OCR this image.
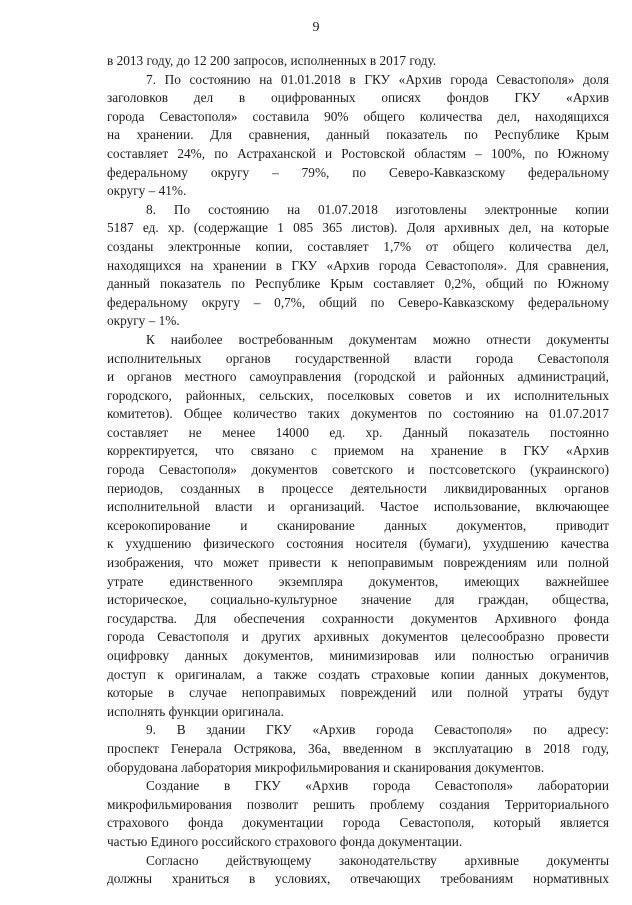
9

в 2013 году, до 12 200 запросов, исполненных в 2017 году.

7. По состоянию на 01.01.2018 в ГКУ «Архив города Севастополя» доля

заголовков дел в оцифрованных описях фондов ГКУ «Архив

города Севастополя» составила 90% общего количества дел, находящихся

на хранении. Для сравнения, данный показатель по Республике Крым

составляет 24%, по Астраханской и Ростовской областям – 100%, по Южному

федеральному округу – 79%, по Северо-Кавказскому федеральному

округу – 41%.

8. По состоянию на 01.07.2018 изготовлены электронные копии

5187 ед. хр. (содержащие 1 085 365 листов). Доля архивных дел, на которые

созданы электронные копии, составляет 1,7% от общего количества дел,

находящихся на хранении в ГКУ «Архив города Севастополя». Для сравнения,

данный показатель по Республике Крым составляет 0,2%, общий по Южному

федеральному округу – 0,7%, общий по Северо-Кавказскому федеральному

округу – 1%.

К наиболее востребованным документам можно отнести документы

исполнительных органов государственной власти города Севастополя

и органов местного самоуправления (городской и районных администраций,

городского, районных, сельских, поселковых советов и их исполнительных

комитетов). Общее количество таких документов по состоянию на 01.07.2017

составляет не менее 14000 ед. хр. Данный показатель постоянно

корректируется, что связано с приемом на хранение в ГКУ «Архив

города Севастополя» документов советского и постсоветского (украинского)

периодов, созданных в процессе деятельности ликвидированных органов

исполнительной власти и организаций. Частое использование, включающее

ксерокопирование и сканирование данных документов, приводит

к ухудшению физического состояния носителя (бумаги), ухудшению качества

изображения, что может привести к непоправимым повреждениям или полной

утрате единственного экземпляра документов, имеющих важнейшее

историческое, социально-культурное значение для граждан, общества,

государства. Для обеспечения сохранности документов Архивного фонда

города Севастополя и других архивных документов целесообразно провести

оцифровку данных документов, минимизировав или полностью ограничив

доступ к оригиналам, а также создать страховые копии данных документов,

которые в случае непоправимых повреждений или полной утраты будут

исполнять функции оригинала.

9. В здании ГКУ «Архив города Севастополя» по адресу:

проспект Генерала Острякова, 36а, введенном в эксплуатацию в 2018 году,

оборудована лаборатория микрофильмирования и сканирования документов.

Создание в ГКУ «Архив города Севастополя» лаборатории

микрофильмирования позволит решить проблему создания Территориального

страхового фонда документации города Севастополя, который является

частью Единого российского страхового фонда документации.

Согласно действующему законодательству архивные документы

должны храниться в условиях, отвечающих требованиям нормативных
